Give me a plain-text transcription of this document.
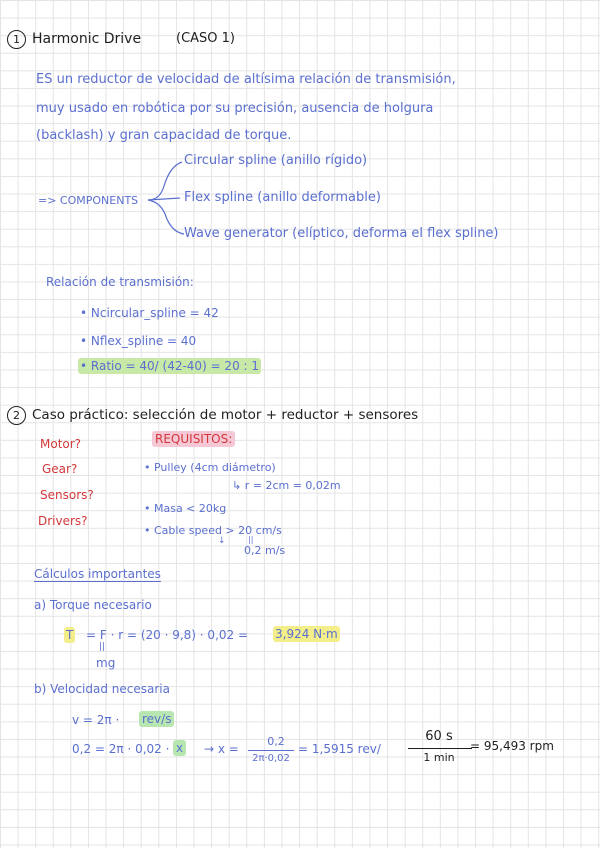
1 Harmonic Drive	(CASO 1)
ES un reductor de velocidad de altísima relación de transmisión,
muy usado en robótica por su precisión, ausencia de holgura
(backlash) y gran capacidad de torque.
=> COMPONENTS
Circular spline (anillo rígido)
Flex spline (anillo deformable)
Wave generator (elíptico, deforma el flex spline)
Relación de transmisión:
• Ncircular_spline = 42
• Nflex_spline = 40
• Ratio = 40/ (42-40) = 20 : 1
2 Caso práctico: selección de motor + reductor + sensores
Motor?
Gear?
Sensors?
Drivers?
REQUISITOS:
• Pulley (4cm diámetro)
↳ r = 2cm = 0,02m
• Masa < 20kg
• Cable speed > 20 cm/s
↓	||
0,2 m/s
Cálculos importantes
a) Torque necesario
T = F · r = (20 · 9,8) · 0,02 = 3,924 N·m
||
mg
b) Velocidad necesaria
v = 2π · rev/s
0,2 = 2π · 0,02 · x → x =
0,2
2π·0,02
= 1,5915 rev/
60 s
1 min
= 95,493 rpm
